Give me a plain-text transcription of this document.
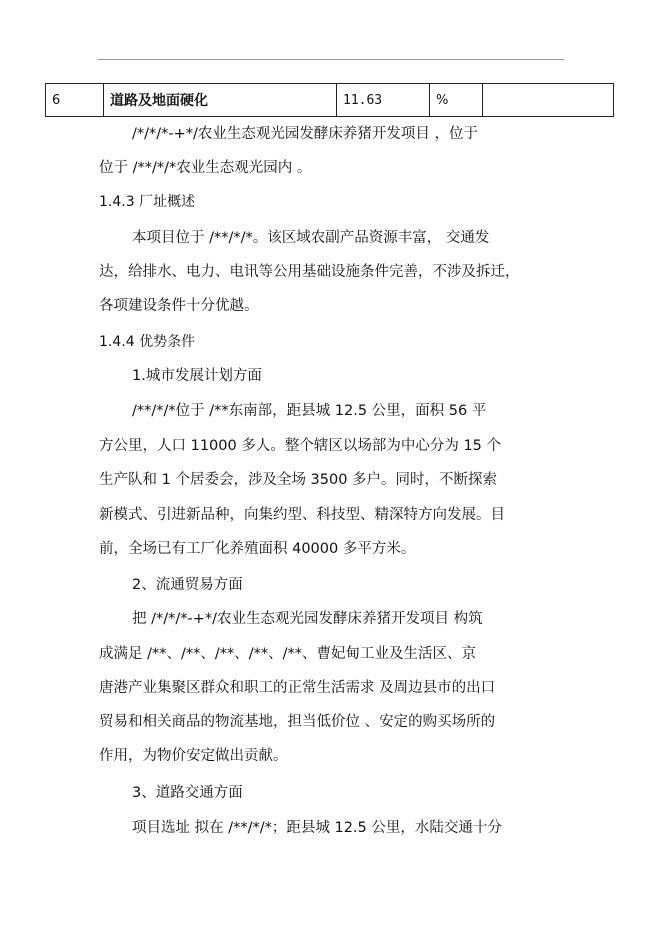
6	道路及地面硬化	11.63	%	
/*/*/*-+*/农业生态观光园发酵床养猪开发项目 ，位于
位于 /**/*/*农业生态观光园内 。
1.4.3 厂址概述
本项目位于 /**/*/*。该区域农副产品资源丰富， 交通发
达，给排水、电力、电讯等公用基础设施条件完善，不涉及拆迁，
各项建设条件十分优越。
1.4.4 优势条件
1.城市发展计划方面
/**/*/*位于 /**东南部，距县城 12.5 公里，面积 56 平
方公里，人口 11000 多人。整个辖区以场部为中心分为 15 个
生产队和 1 个居委会，涉及全场 3500 多户。同时，不断探索
新模式、引进新品种，向集约型、科技型、精深特方向发展。目
前，全场已有工厂化养殖面积 40000 多平方米。
2、流通贸易方面
把 /*/*/*-+*/农业生态观光园发酵床养猪开发项目 构筑
成满足 /**、/**、/**、/**、/**、曹妃甸工业及生活区、京
唐港产业集聚区群众和职工的正常生活需求 及周边县市的出口
贸易和相关商品的物流基地，担当低价位 、安定的购买场所的
作用，为物价安定做出贡献。
3、道路交通方面
项目选址 拟在 /**/*/*；距县城 12.5 公里，水陆交通十分
